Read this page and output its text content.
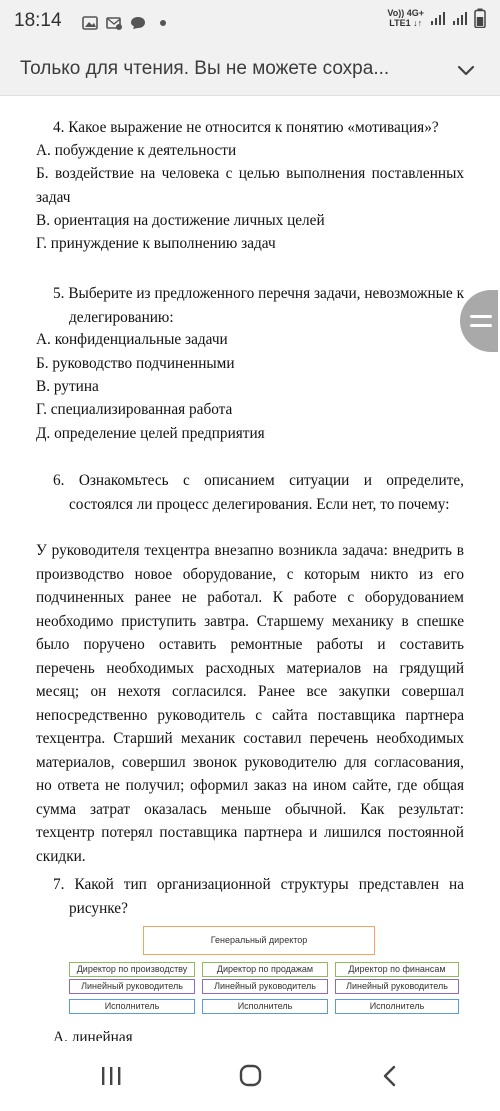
18:14	Vo)) 4G+
LTE1 ↓↑
Только для чтения. Вы не можете сохра...
4. Какое выражение не относится к понятию «мотивация»?
А. побуждение к деятельности
Б. воздействие на человека с целью выполнения поставленных задач
В. ориентация на достижение личных целей
Г. принуждение к выполнению задач
5. Выберите из предложенного перечня задачи, невозможные к делегированию:
А. конфиденциальные задачи
Б. руководство подчиненными
В. рутина
Г. специализированная работа
Д. определение целей предприятия
6. Ознакомьтесь с описанием ситуации и определите, состоялся ли процесс делегирования. Если нет, то почему:
У руководителя техцентра внезапно возникла задача: внедрить в производство новое оборудование, с которым никто из его подчиненных ранее не работал. К работе с оборудованием необходимо приступить завтра. Старшему механику в спешке было поручено оставить ремонтные работы и составить перечень необходимых расходных материалов на грядущий месяц; он нехотя согласился. Ранее все закупки совершал непосредственно руководитель с сайта поставщика партнера техцентра. Старший механик составил перечень необходимых материалов, совершил звонок руководителю для согласования, но ответа не получил; оформил заказ на ином сайте, где общая сумма затрат оказалась меньше обычной. Как результат: техцентр потерял поставщика партнера и лишился постоянной скидки.
7. Какой тип организационной структуры представлен на рисунке?
Генеральный директор
Директор по производству	Директор по продажам	Директор по финансам
Линейный руководитель	Линейный руководитель	Линейный руководитель
Исполнитель	Исполнитель	Исполнитель
А. линейная
